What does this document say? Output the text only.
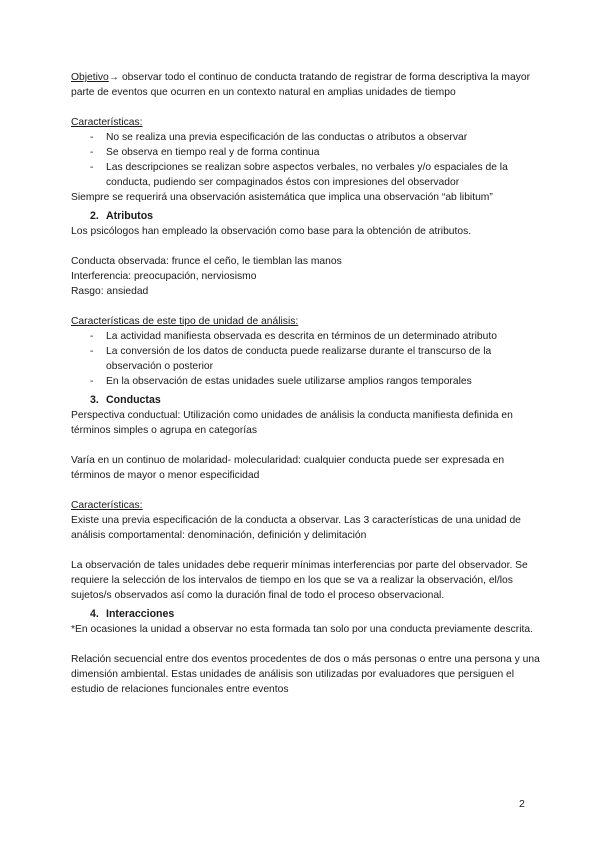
Objetivo→ observar todo el continuo de conducta tratando de registrar de forma descriptiva la mayor parte de eventos que ocurren en un contexto natural en amplias unidades de tiempo

Características:

- No se realiza una previa especificación de las conductas o atributos a observar
- Se observa en tiempo real y de forma continua
- Las descripciones se realizan sobre aspectos verbales, no verbales y/o espaciales de la conducta, pudiendo ser compaginados éstos con impresiones del observador

Siempre se requerirá una observación asistemática que implica una observación “ab libitum”

2. Atributos

Los psicólogos han empleado la observación como base para la obtención de atributos.

Conducta observada: frunce el ceño, le tiemblan las manos

Interferencia: preocupación, nerviosismo

Rasgo: ansiedad

Características de este tipo de unidad de análisis:

- La actividad manifiesta observada es descrita en términos de un determinado atributo
- La conversión de los datos de conducta puede realizarse durante el transcurso de la observación o posterior
- En la observación de estas unidades suele utilizarse amplios rangos temporales
3. Conductas

Perspectiva conductual: Utilización como unidades de análisis la conducta manifiesta definida en términos simples o agrupa en categorías

Varía en un continuo de molaridad- molecularidad: cualquier conducta puede ser expresada en términos de mayor o menor especificidad

Características:

Existe una previa especificación de la conducta a observar. Las 3 características de una unidad de análisis comportamental: denominación, definición y delimitación

La observación de tales unidades debe requerir mínimas interferencias por parte del observador. Se requiere la selección de los intervalos de tiempo en los que se va a realizar la observación, el/los sujetos/s observados así como la duración final de todo el proceso observacional.

4. Interacciones

*En ocasiones la unidad a observar no esta formada tan solo por una conducta previamente descrita.

Relación secuencial entre dos eventos procedentes de dos o más personas o entre una persona y una dimensión ambiental. Estas unidades de análisis son utilizadas por evaluadores que persiguen el estudio de relaciones funcionales entre eventos

2
